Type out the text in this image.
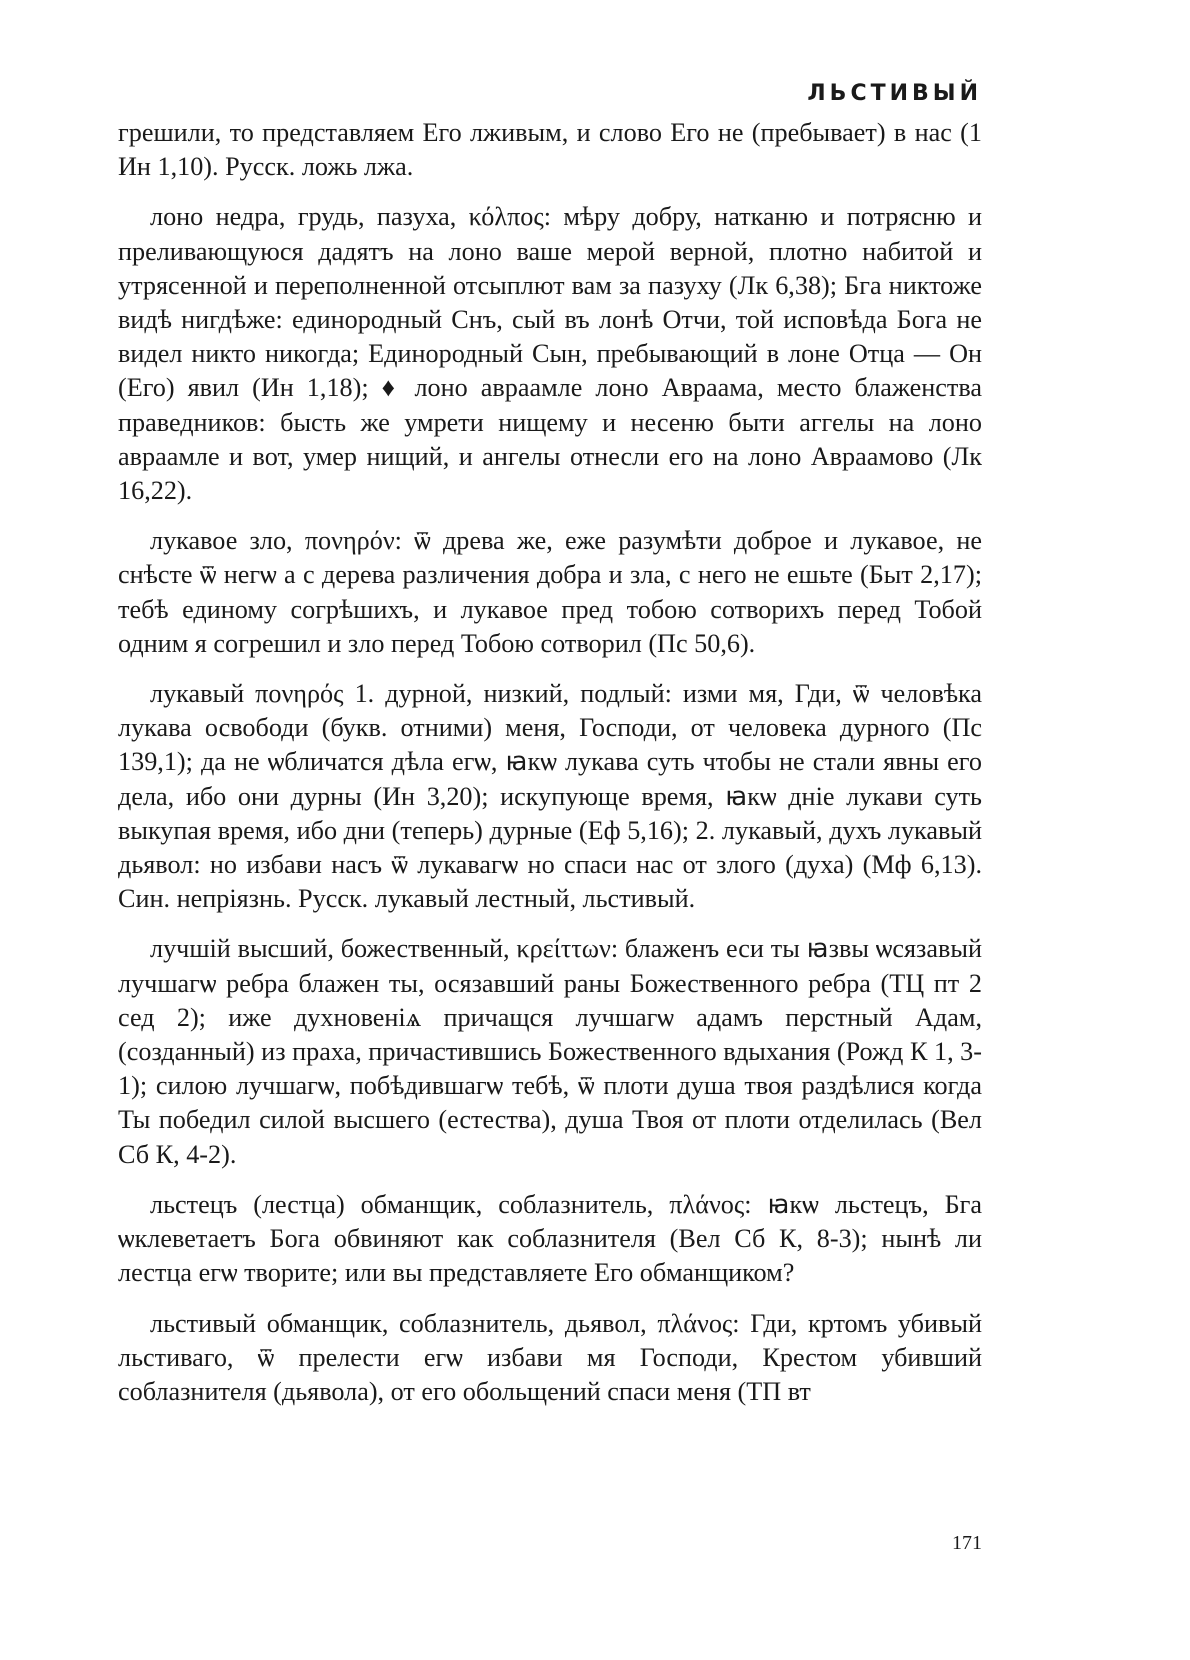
ЛЬСТИВЫЙ

грешили, то представляем Его лживым, и слово Его не (пребывает) в нас (1 Ин 1,10). Русск. ложь лжа.

лоно недра, грудь, пазуха, κόλπος: мѣру добру, натканю и потрясню и преливающуюся дадятъ на лоно ваше мерой верной, плотно набитой и утрясенной и переполненной отсыплют вам за пазуху (Лк 6,38); Бга никтоже видѣ нигдѣже: единородный Снъ, сый въ лонѣ Отчи, той исповѣда Бога не видел никто никогда; Единородный Сын, пребывающий в лоне Отца — Он (Его) явил (Ин 1,18); ♦ лоно авраамле лоно Авраама, место блаженства праведников: бысть же умрети нищему и несеню быти аггелы на лоно авраамле и вот, умер нищий, и ангелы отнесли его на лоно Авраамово (Лк 16,22).

лукавое зло, πονηρόν: ѿ древа же, еже разумѣти доброе и лукавое, не снѣсте ѿ негѡ а с дерева различения добра и зла, с него не ешьте (Быт 2,17); тебѣ единому согрѣшихъ, и лукавое пред тобою сотворихъ перед Тобой одним я согрешил и зло перед Тобою сотворил (Пс 50,6).

лукавый πονηρός 1. дурной, низкий, подлый: изми мя, Гди, ѿ человѣка лукава освободи (букв. отними) меня, Господи, от человека дурного (Пс 139,1); да не ѡбличатся дѣла егѡ, ꙗкѡ лукава суть чтобы не стали явны его дела, ибо они дурны (Ин 3,20); искупующе время, ꙗкѡ дніе лукави суть выкупая время, ибо дни (теперь) дурные (Еф 5,16); 2. лукавый, духъ лукавый дьявол: но избави насъ ѿ лукавагѡ но спаси нас от злого (духа) (Мф 6,13). Син. непріязнь. Русск. лукавый лестный, льстивый.

лучшій высший, божественный, κρείττων: блаженъ еси ты ꙗзвы ѡсязавый лучшагѡ ребра блажен ты, осязавший раны Божественного ребра (ТЦ пт 2 сед 2); иже духновеніѧ причащся лучшагѡ адамъ перстный Адам, (созданный) из праха, причастившись Божественного вдыхания (Рожд К 1, 3-1); силою лучшагѡ, побѣдившагѡ тебѣ, ѿ плоти душа твоя раздѣлися когда Ты победил силой высшего (естества), душа Твоя от плоти отделилась (Вел Сб К, 4-2).

льстецъ (лестца) обманщик, соблазнитель, πλάνος: ꙗкѡ льстецъ, Бга ѡклеветаетъ Бога обвиняют как соблазнителя (Вел Сб К, 8-3); нынѣ ли лестца егѡ творите; или вы представляете Его обманщиком?

льстивый обманщик, соблазнитель, дьявол, πλάνος: Гди, кртомъ убивый льстиваго, ѿ прелести егѡ избави мя Господи, Крестом убивший соблазнителя (дьявола), от его обольщений спаси меня (ТП вт

171
